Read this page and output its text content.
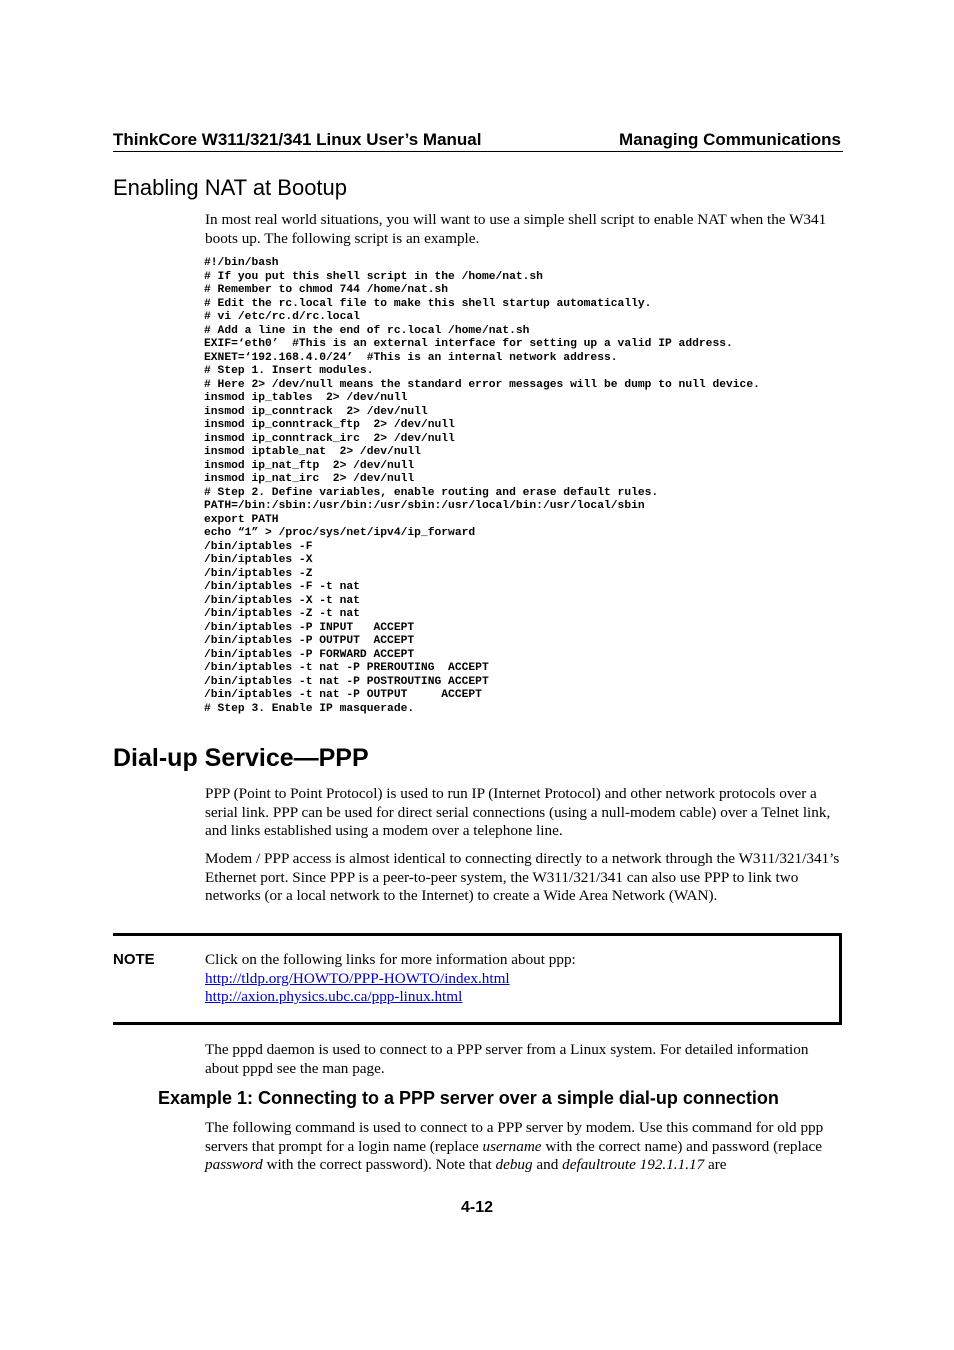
ThinkCore W311/321/341 Linux User’s Manual	Managing Communications
Enabling NAT at Bootup
In most real world situations, you will want to use a simple shell script to enable NAT when the W341 boots up. The following script is an example.
#!/bin/bash
# If you put this shell script in the /home/nat.sh
# Remember to chmod 744 /home/nat.sh
# Edit the rc.local file to make this shell startup automatically.
# vi /etc/rc.d/rc.local
# Add a line in the end of rc.local /home/nat.sh
EXIF=‘eth0’  #This is an external interface for setting up a valid IP address.
EXNET=‘192.168.4.0/24’  #This is an internal network address.
# Step 1. Insert modules.
# Here 2> /dev/null means the standard error messages will be dump to null device.
insmod ip_tables  2> /dev/null
insmod ip_conntrack  2> /dev/null
insmod ip_conntrack_ftp  2> /dev/null
insmod ip_conntrack_irc  2> /dev/null
insmod iptable_nat  2> /dev/null
insmod ip_nat_ftp  2> /dev/null
insmod ip_nat_irc  2> /dev/null
# Step 2. Define variables, enable routing and erase default rules.
PATH=/bin:/sbin:/usr/bin:/usr/sbin:/usr/local/bin:/usr/local/sbin
export PATH
echo “1” > /proc/sys/net/ipv4/ip_forward
/bin/iptables -F
/bin/iptables -X
/bin/iptables -Z
/bin/iptables -F -t nat
/bin/iptables -X -t nat
/bin/iptables -Z -t nat
/bin/iptables -P INPUT   ACCEPT
/bin/iptables -P OUTPUT  ACCEPT
/bin/iptables -P FORWARD ACCEPT
/bin/iptables -t nat -P PREROUTING  ACCEPT
/bin/iptables -t nat -P POSTROUTING ACCEPT
/bin/iptables -t nat -P OUTPUT     ACCEPT
# Step 3. Enable IP masquerade.
Dial-up Service—PPP
PPP (Point to Point Protocol) is used to run IP (Internet Protocol) and other network protocols over a serial link. PPP can be used for direct serial connections (using a null-modem cable) over a Telnet link, and links established using a modem over a telephone line.
Modem / PPP access is almost identical to connecting directly to a network through the W311/321/341’s Ethernet port. Since PPP is a peer-to-peer system, the W311/321/341 can also use PPP to link two networks (or a local network to the Internet) to create a Wide Area Network (WAN).
NOTE	Click on the following links for more information about ppp:
http://tldp.org/HOWTO/PPP-HOWTO/index.html
http://axion.physics.ubc.ca/ppp-linux.html
The pppd daemon is used to connect to a PPP server from a Linux system. For detailed information about pppd see the man page.
Example 1: Connecting to a PPP server over a simple dial-up connection
The following command is used to connect to a PPP server by modem. Use this command for old ppp servers that prompt for a login name (replace username with the correct name) and password (replace password with the correct password). Note that debug and defaultroute 192.1.1.17 are
4-12
